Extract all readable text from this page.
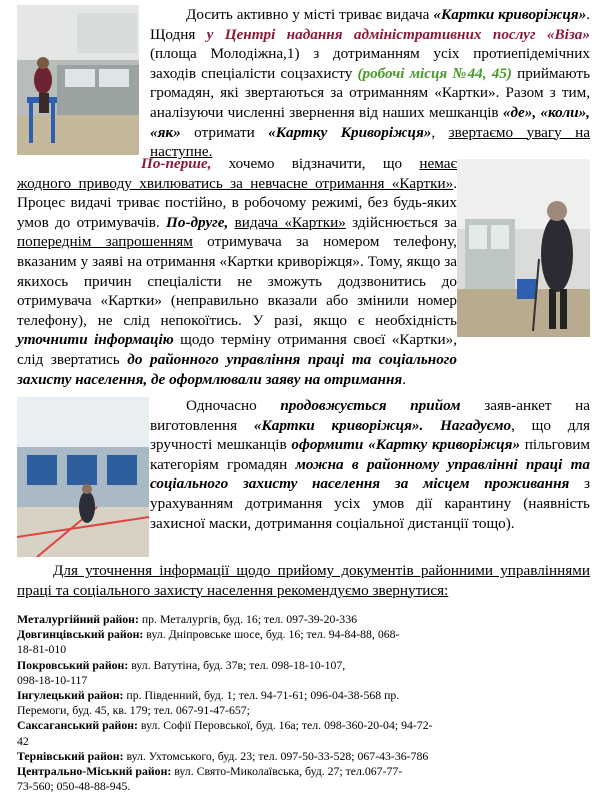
Досить активно у місті триває видача «Картки криворіжця». Щодня у Центрі надання адміністративних послуг «Віза» (площа Молодіжна,1) з дотриманням усіх протиепідемічних заходів спеціалісти соцзахисту (робочі місця №44, 45) приймають громадян, які звертаються за отриманням «Картки». Разом з тим, аналізуючи численні звернення від наших мешканців «де», «коли», «як» отримати «Картку Криворіжця», звертаємо увагу на наступне.

По-перше, хочемо відзначити, що немає жодного приводу хвилюватись за невчасне отримання «Картки». Процес видачі триває постійно, в робочому режимі, без будь-яких умов до отримувачів. По-друге, видача «Картки» здійснюється за попереднім запрошенням отримувача за номером телефону, вказаним у заяві на отримання «Картки криворіжця». Тому, якщо за якихось причин спеціалісти не зможуть додзвонитись до отримувача «Картки» (неправильно вказали або змінили номер телефону), не слід непокоїтись. У разі, якщо є необхідність уточнити інформацію щодо терміну отримання своєї «Картки», слід звертатись до районного управління праці та соціального захисту населення, де оформлювали заяву на отримання.

Одночасно продовжується прийом заяв-анкет на виготовлення «Картки криворіжця». Нагадуємо, що для зручності мешканців оформити «Картку криворіжця» пільговим категоріям громадян можна в районному управлінні праці та соціального захисту населення за місцем проживання з урахуванням дотримання усіх умов дії карантину (наявність захисної маски, дотримання соціальної дистанції тощо).
Для уточнення інформації щодо прийому документів районними управліннями праці та соціального захисту населення рекомендуємо звернутися:

Металургійний район: пр. Металургів, буд. 16; тел. 097-39-20-336

Довгинцівський район: вул. Дніпровське шосе, буд. 16; тел. 94-84-88, 068-18-81-010

Покровський район: вул. Ватутіна, буд. 37в; тел. 098-18-10-107, 098-18-10-117

Інгулецький район: пр. Південний, буд. 1; тел. 94-71-61; 096-04-38-568 пр. Перемоги, буд. 45, кв. 179; тел. 067-91-47-657;

Саксаганський район: вул. Софії Перовської, буд. 16а; тел. 098-360-20-04; 94-72-42

Тернівський район: вул. Ухтомського, буд. 23; тел. 097-50-33-528; 067-43-36-786

Центрально-Міський район: вул. Свято-Миколаївська, буд. 27; тел.067-77-73-560; 050-48-88-945.
